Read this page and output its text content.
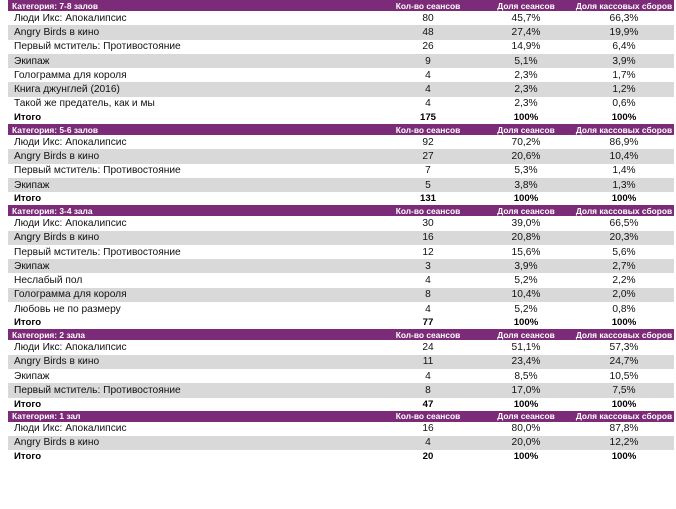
Категория: 7-8 залов	Кол-во сеансов	Доля сеансов	Доля кассовых сборов
Люди Икс: Апокалипсис	80	45,7%	66,3%
Angry Birds в кино	48	27,4%	19,9%
Первый мститель: Противостояние	26	14,9%	6,4%
Экипаж	9	5,1%	3,9%
Голограмма для короля	4	2,3%	1,7%
Книга джунглей (2016)	4	2,3%	1,2%
Такой же предатель, как и мы	4	2,3%	0,6%
Итого	175	100%	100%
Категория: 5-6 залов	Кол-во сеансов	Доля сеансов	Доля кассовых сборов
Люди Икс: Апокалипсис	92	70,2%	86,9%
Angry Birds в кино	27	20,6%	10,4%
Первый мститель: Противостояние	7	5,3%	1,4%
Экипаж	5	3,8%	1,3%
Итого	131	100%	100%
Категория: 3-4 зала	Кол-во сеансов	Доля сеансов	Доля кассовых сборов
Люди Икс: Апокалипсис	30	39,0%	66,5%
Angry Birds в кино	16	20,8%	20,3%
Первый мститель: Противостояние	12	15,6%	5,6%
Экипаж	3	3,9%	2,7%
Неслабый пол	4	5,2%	2,2%
Голограмма для короля	8	10,4%	2,0%
Любовь не по размеру	4	5,2%	0,8%
Итого	77	100%	100%
Категория: 2 зала	Кол-во сеансов	Доля сеансов	Доля кассовых сборов
Люди Икс: Апокалипсис	24	51,1%	57,3%
Angry Birds в кино	11	23,4%	24,7%
Экипаж	4	8,5%	10,5%
Первый мститель: Противостояние	8	17,0%	7,5%
Итого	47	100%	100%
Категория: 1 зал	Кол-во сеансов	Доля сеансов	Доля кассовых сборов
Люди Икс: Апокалипсис	16	80,0%	87,8%
Angry Birds в кино	4	20,0%	12,2%
Итого	20	100%	100%
